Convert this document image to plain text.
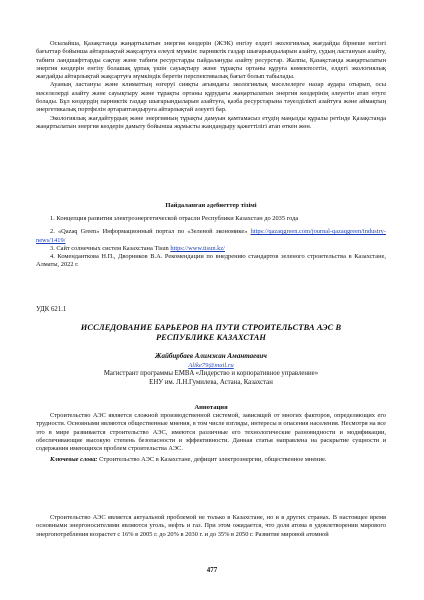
Осылайша, Қазақстанда жаңартылатын энергия көздерін (ЖЭК) енгізу елдегі экологиялық жағдайды бірнеше негізгі бағыттар бойынша айтарлықтай жақсартуға елеулі мүмкін: парниктік газдар шығарындыларын азайту, судың ластануын азайту, табиғи ландшафттарды сақтау және табиғи ресурстарды пайдалануды азайту ресурстар. Жалпы, Қазақстанда жаңартылатын энергия көздерін енгізу болашақ ұрпақ үшін сауықтыру және тұрақты ортаны құруға көмектесетін, елдегі экологиялық жағдайды айтарлықтай жақсартуға мүмкіндік беретін перспективалық бағыт болып табылады.

Ауаның ластануы және климаттың өзгеруі сияқты ағымдағы экологиялық мәселелерге назар аудара отырып, осы мәселелерді азайту және сауықтыру және тұрақты ортаны құрудағы жаңартылатын энергия көздерінің әлеуетін атап өтуге болады. Бұл көздердің парниктік газдар шығарындыларын азайтуға, қазба ресурстарына тәуелділікті азайтуға және аймақтың энергетикалық портфелін әртараптандыруға айтарлықтай әлеуеті бар.

Экологиялық жағдайтурдың және энергияның тұрақты дамуын қамтамасыз етудің маңызды құралы ретінде Қазақстанда жаңартылатын энергия көздерін дамыту бойынша жұмысты жандандыру қажеттілігі атап өткен жөн.

Пайдаланған әдебиеттер тізімі

1. Концепция развития электроэнергетической отрасли Республики Казахстан до 2035 года

2. «Qazaq Green» Информационный портал по «Зеленой экономике» https://qazaqgreen.com/journal-qazaqgreen/industry-news/1419/

3. Сайт солнечных систем Казахстана Tisun https://www.tisun.kz/

4. Коменданткова Н.П., Дворников В.А. Рекомендации по внедрению стандартов зеленого строительства в Казахстане, Алматы, 2022 г.

УДК 621.1

ИССЛЕДОВАНИЕ БАРЬЕРОВ НА ПУТИ СТРОИТЕЛЬСТВА АЭС В

РЕСПУБЛИКЕ КАЗАХСТАН

Жайбирбаев Алимжан Амантаевич

Alike79@mail.ru

Магистрант программы EMBA «Лидерство и корпоративное управление»

ЕНУ им. Л.Н.Гумилева, Астана, Казахстан

Аннотация

Строительство АЭС является сложной производственной системой, зависящей от многих факторов, определяющих его трудности. Основными являются общественные мнения, в том числе взгляды, интересы и опасения населения. Несмотря на все это в мире развивается строительство АЭС, имеются различные его технологические разновидности и модификации, обеспечивающие высокую степень безопасности и эффективности. Данная статья направлена на раскрытие сущности и содержания имеющихся проблем строительства АЭС.

Ключевые слова: Строительство АЭС в Казахстане, дефицит электроэнергии, общественное мнение.

Строительство АЭС является актуальной проблемой не только в Казахстане, но и в других странах. В настоящее время основными энергоносителями являются уголь, нефть и газ. При этом ожидается, что доля атома в удовлетворении мирового энергопотребления возрастет с 16% в 2005 г. до 20% в 2030 г. и до 35% в 2050 г. Развитие мировой атомной

477
